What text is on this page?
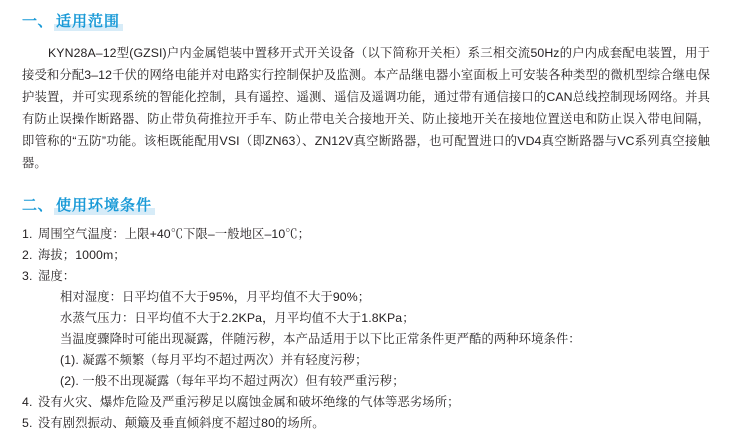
一、 适用范围

KYN28A–12型(GZSI)户内金属铠装中置移开式开关设备（以下简称开关柜）系三相交流50Hz的户内成套配电装置，用于接受和分配3–12千伏的网络电能并对电路实行控制保护及监测。本产品继电器小室面板上可安装各种类型的微机型综合继电保护装置，并可实现系统的智能化控制，具有遥控、遥测、遥信及遥调功能，通过带有通信接口的CAN总线控制现场网络。并具有防止误操作断路器、防止带负荷推拉开手车、防止带电关合接地开关、防止接地开关在接地位置送电和防止误入带电间隔，即管称的“五防”功能。该柜既能配用VSI（即ZN63）、ZN12V真空断路器，也可配置进口的VD4真空断路器与VC系列真空接触器。

二、 使用环境条件
1. 周围空气温度：上限+40℃下限–一般地区–10℃；
2. 海拔；1000m；
3. 湿度：
相对湿度：日平均值不大于95%，月平均值不大于90%；
水蒸气压力：日平均值不大于2.2KPa，月平均值不大于1.8KPa；
当温度骤降时可能出现凝露，伴随污秽，本产品适用于以下比正常条件更严酷的两种环境条件：
(1). 凝露不频繁（每月平均不超过两次）并有轻度污秽；
(2). 一般不出现凝露（每年平均不超过两次）但有较严重污秽；
4. 没有火灾、爆炸危险及严重污秽足以腐蚀金属和破坏绝缘的气体等恶劣场所；
5. 没有剧烈振动、颠簸及垂直倾斜度不超过80的场所。
